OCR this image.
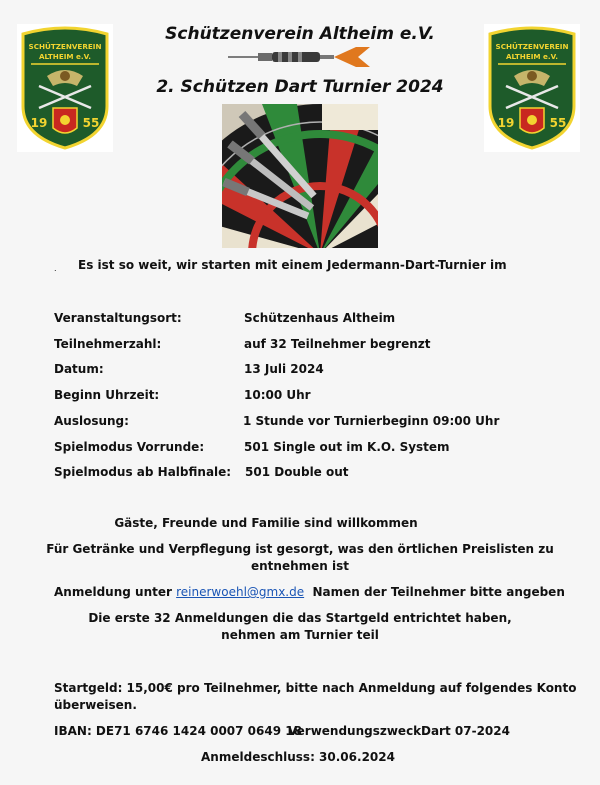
SCHÜTZENVEREIN
ALTHEIM e.V.
19	55
SCHÜTZENVEREIN
ALTHEIM e.V.
19	55
Schützenverein Altheim e.V.
2. Schützen Dart Turnier 2024
. Es ist so weit, wir starten mit einem Jedermann-Dart-Turnier im
Veranstaltungsort:	Schützenhaus Altheim
Teilnehmerzahl:	auf 32 Teilnehmer begrenzt
Datum:	13 Juli 2024
Beginn Uhrzeit:	10:00 Uhr
Auslosung:	1 Stunde vor Turnierbeginn 09:00 Uhr
Spielmodus Vorrunde:	501 Single out im K.O. System
Spielmodus ab Halbfinale: 501 Double out
Gäste, Freunde und Familie sind willkommen
Für Getränke und Verpflegung ist gesorgt, was den örtlichen Preislisten zu
entnehmen ist
Anmeldung unter reinerwoehl@gmx.de Namen der Teilnehmer bitte angeben
Die erste 32 Anmeldungen die das Startgeld entrichtet haben,
nehmen am Turnier teil
Startgeld: 15,00€ pro Teilnehmer, bitte nach Anmeldung auf folgendes Konto
überweisen.
IBAN: DE71 6746 1424 0007 0649 18
Verwendungszweck:
Dart 07-2024
Anmeldeschluss: 30.06.2024
